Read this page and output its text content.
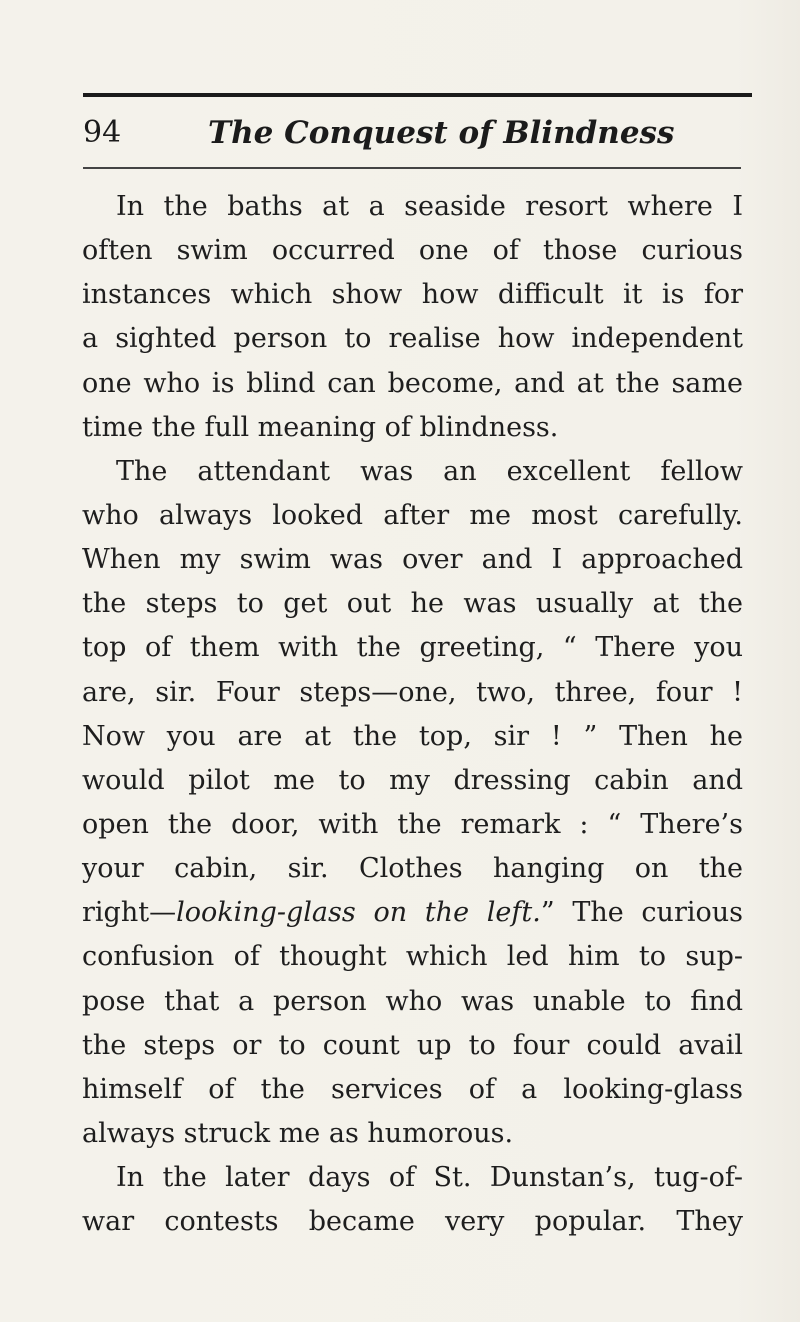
94	The Conquest of Blindness
In the baths at a seaside resort where I
often swim occurred one of those curious
instances which show how difficult it is for
a sighted person to realise how independent
one who is blind can become, and at the same
time the full meaning of blindness.
The attendant was an excellent fellow
who always looked after me most carefully.
When my swim was over and I approached
the steps to get out he was usually at the
top of them with the greeting, “ There you
are, sir. Four steps—one, two, three, four !
Now you are at the top, sir ! ” Then he
would pilot me to my dressing cabin and
open the door, with the remark : “ There’s
your cabin, sir. Clothes hanging on the
right—looking-glass on the left.” The curious
confusion of thought which led him to sup-
pose that a person who was unable to find
the steps or to count up to four could avail
himself of the services of a looking-glass
always struck me as humorous.
In the later days of St. Dunstan’s, tug-of-
war contests became very popular. They
